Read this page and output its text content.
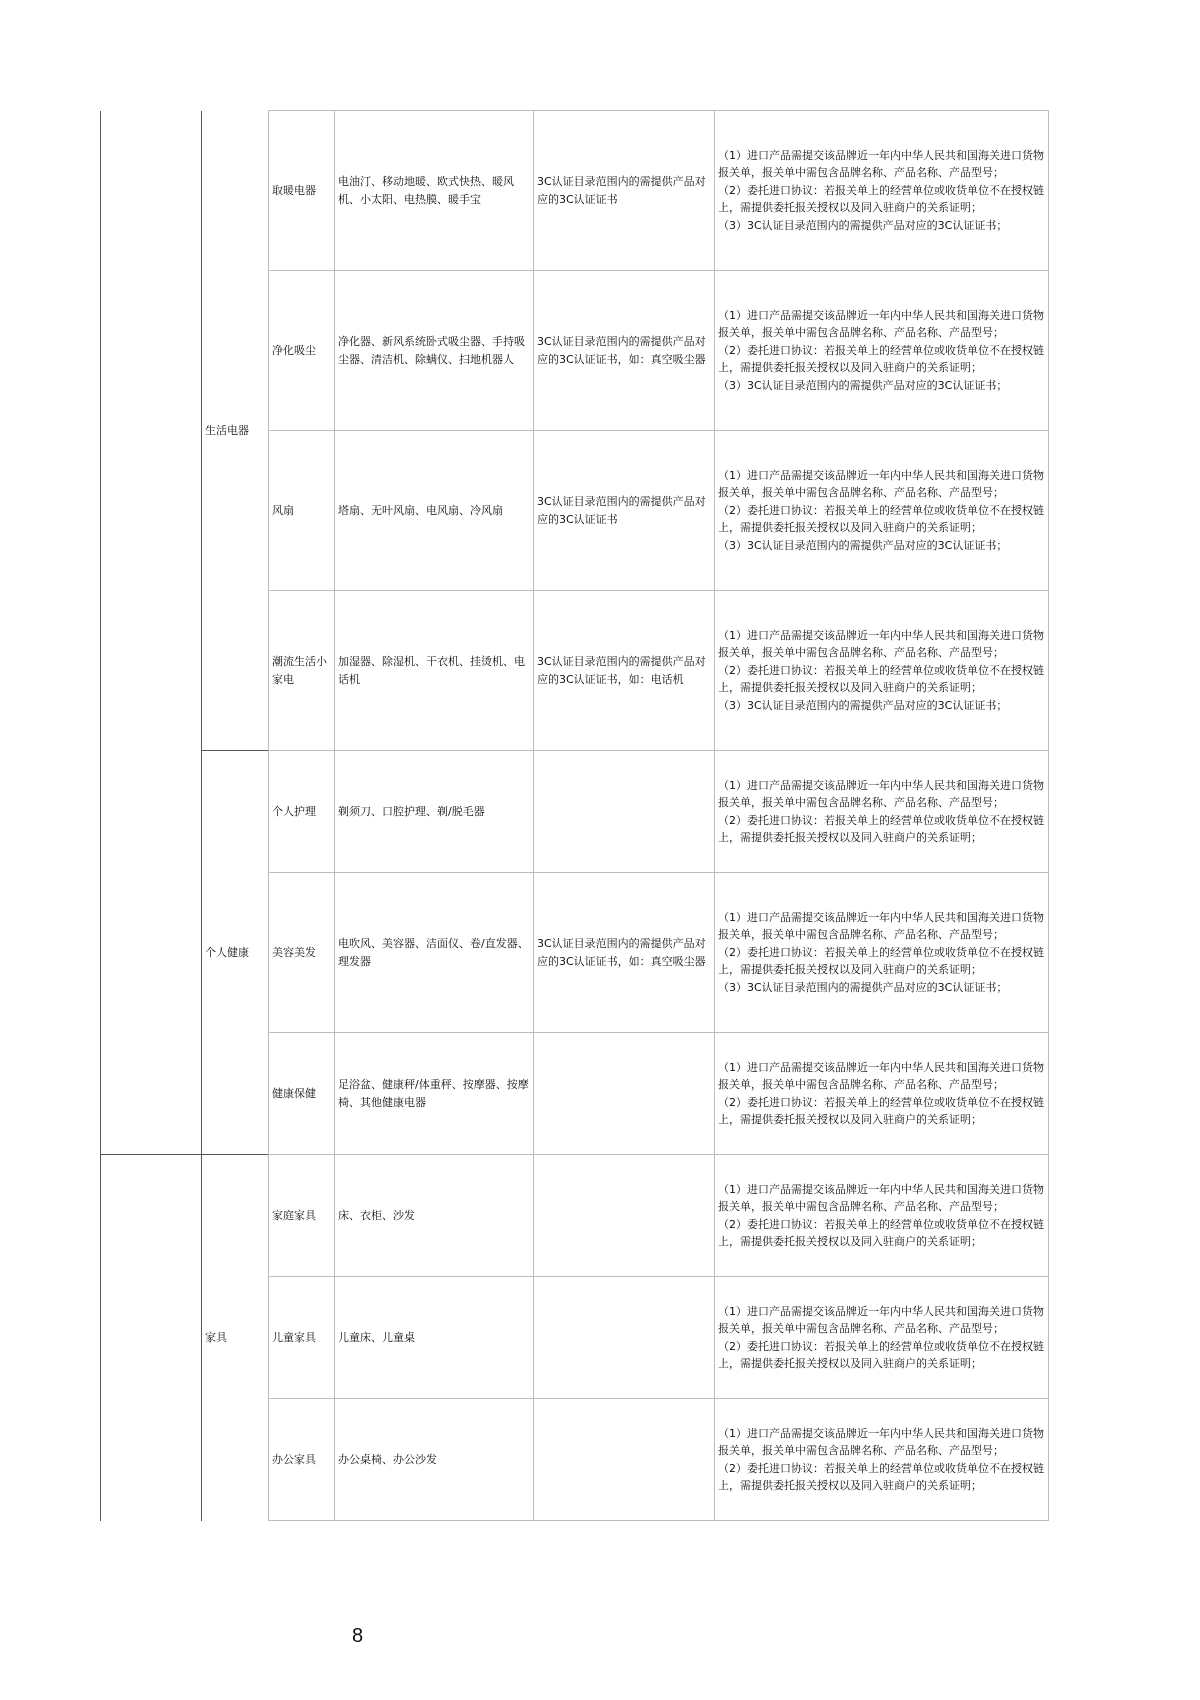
	生活电器	取暖电器	电油汀、移动地暖、欧式快热、暖风机、小太阳、电热膜、暖手宝	3C认证目录范围内的需提供产品对应的3C认证证书	（1）进口产品需提交该品牌近一年内中华人民共和国海关进口货物报关单，报关单中需包含品牌名称、产品名称、产品型号；
（2）委托进口协议：若报关单上的经营单位或收货单位不在授权链上，需提供委托报关授权以及同入驻商户的关系证明；
（3）3C认证目录范围内的需提供产品对应的3C认证证书；

		净化吸尘	净化器、新风系统卧式吸尘器、手持吸尘器、清洁机、除螨仪、扫地机器人	3C认证目录范围内的需提供产品对应的3C认证证书，如：真空吸尘器	（1）进口产品需提交该品牌近一年内中华人民共和国海关进口货物报关单，报关单中需包含品牌名称、产品名称、产品型号；
（2）委托进口协议：若报关单上的经营单位或收货单位不在授权链上，需提供委托报关授权以及同入驻商户的关系证明；
（3）3C认证目录范围内的需提供产品对应的3C认证证书；

		风扇	塔扇、无叶风扇、电风扇、冷风扇	3C认证目录范围内的需提供产品对应的3C认证证书	（1）进口产品需提交该品牌近一年内中华人民共和国海关进口货物报关单，报关单中需包含品牌名称、产品名称、产品型号；
（2）委托进口协议：若报关单上的经营单位或收货单位不在授权链上，需提供委托报关授权以及同入驻商户的关系证明；
（3）3C认证目录范围内的需提供产品对应的3C认证证书；

		潮流生活小家电	加湿器、除湿机、干衣机、挂烫机、电话机	3C认证目录范围内的需提供产品对应的3C认证证书，如：电话机	（1）进口产品需提交该品牌近一年内中华人民共和国海关进口货物报关单，报关单中需包含品牌名称、产品名称、产品型号；
（2）委托进口协议：若报关单上的经营单位或收货单位不在授权链上，需提供委托报关授权以及同入驻商户的关系证明；
（3）3C认证目录范围内的需提供产品对应的3C认证证书；

	个人健康	个人护理	剃须刀、口腔护理、剃/脱毛器		（1）进口产品需提交该品牌近一年内中华人民共和国海关进口货物报关单，报关单中需包含品牌名称、产品名称、产品型号；
（2）委托进口协议：若报关单上的经营单位或收货单位不在授权链上，需提供委托报关授权以及同入驻商户的关系证明；

		美容美发	电吹风、美容器、洁面仪、卷/直发器、理发器	3C认证目录范围内的需提供产品对应的3C认证证书，如：真空吸尘器	（1）进口产品需提交该品牌近一年内中华人民共和国海关进口货物报关单，报关单中需包含品牌名称、产品名称、产品型号；
（2）委托进口协议：若报关单上的经营单位或收货单位不在授权链上，需提供委托报关授权以及同入驻商户的关系证明；
（3）3C认证目录范围内的需提供产品对应的3C认证证书；

		健康保健	足浴盆、健康秤/体重秤、按摩器、按摩椅、其他健康电器		（1）进口产品需提交该品牌近一年内中华人民共和国海关进口货物报关单，报关单中需包含品牌名称、产品名称、产品型号；
（2）委托进口协议：若报关单上的经营单位或收货单位不在授权链上，需提供委托报关授权以及同入驻商户的关系证明；

	家具	家庭家具	床、衣柜、沙发		（1）进口产品需提交该品牌近一年内中华人民共和国海关进口货物报关单，报关单中需包含品牌名称、产品名称、产品型号；
（2）委托进口协议：若报关单上的经营单位或收货单位不在授权链上，需提供委托报关授权以及同入驻商户的关系证明；

		儿童家具	儿童床、儿童桌		（1）进口产品需提交该品牌近一年内中华人民共和国海关进口货物报关单，报关单中需包含品牌名称、产品名称、产品型号；
（2）委托进口协议：若报关单上的经营单位或收货单位不在授权链上，需提供委托报关授权以及同入驻商户的关系证明；

		办公家具	办公桌椅、办公沙发		（1）进口产品需提交该品牌近一年内中华人民共和国海关进口货物报关单，报关单中需包含品牌名称、产品名称、产品型号；
（2）委托进口协议：若报关单上的经营单位或收货单位不在授权链上，需提供委托报关授权以及同入驻商户的关系证明；
8
